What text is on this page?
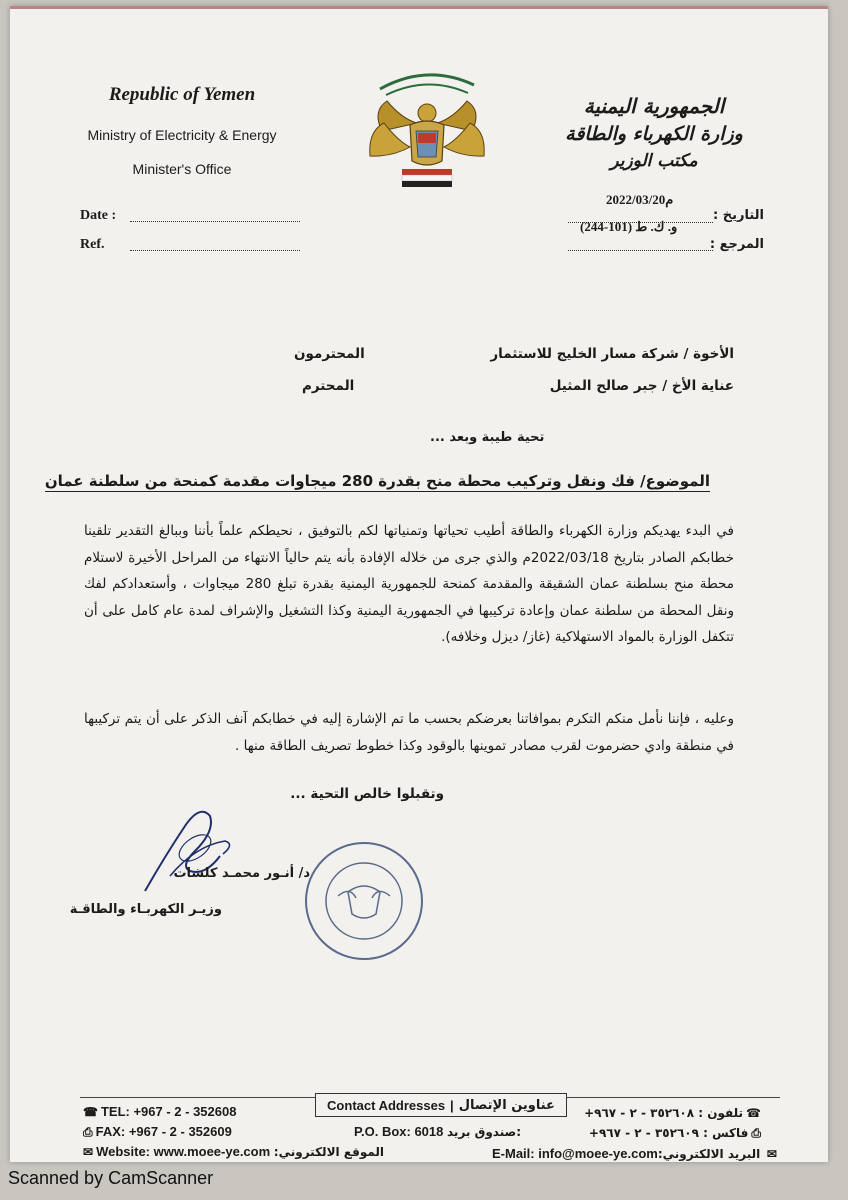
Republic of Yemen
Ministry of Electricity & Energy
Minister's Office
الجمهورية اليمنية
وزارة الكهرباء والطاقة
مكتب الوزير
Date :
Ref.
2022/03/20م
التاريخ :
و. ك. ط (101-244)
المرجع :
الأخوة / شركة مسار الخليج للاستثمار
المحترمون
عناية الأخ / جبر صالح المثيل
المحترم
تحية طيبة وبعد ...
الموضوع/ فك ونقل وتركيب محطة منح بقدرة 280 ميجاوات مقدمة كمنحة من سلطنة عمان
في البدء يهديكم وزارة الكهرباء والطاقة أطيب تحياتها وتمنياتها لكم بالتوفيق ، نحيطكم علماً بأننا وببالغ التقدير تلقينا خطابكم الصادر بتاريخ 2022/03/18م والذي جرى من خلاله الإفادة بأنه يتم حالياً الانتهاء من المراحل الأخيرة لاستلام محطة منح بسلطنة عمان الشقيقة والمقدمة كمنحة للجمهورية اليمنية بقدرة تبلغ 280 ميجاوات ، وأستعدادكم لفك ونقل المحطة من سلطنة عمان وإعادة تركيبها في الجمهورية اليمنية وكذا التشغيل والإشراف لمدة عام كامل على أن تتكفل الوزارة بالمواد الاستهلاكية (غاز/ ديزل وخلافه).
وعليه ، فإننا نأمل منكم التكرم بموافاتنا بعرضكم بحسب ما تم الإشارة إليه في خطابكم آنف الذكر على أن يتم تركيبها في منطقة وادي حضرموت لقرب مصادر تموينها بالوقود وكذا خطوط تصريف الطاقة منها .
وتقبلوا خالص التحية ...
د/ أنـور محمـد كلشات
وزيـر الكهربـاء والطاقـة
Contact Addresses | عناوين الإتصال
☎ TEL: +967 - 2 - 352608
⎙ FAX: +967 - 2 - 352609
✉ Website: www.moee-ye.com :الموقع الالكتروني
P.O. Box: 6018 صندوق بريد:
☎تلفون : ٣٥٢٦٠٨ - ٢ - ٩٦٧+
⎙فاكس : ٣٥٢٦٠٩ - ٢ - ٩٦٧+
E-Mail: info@moee-ye.com:البريد الالكتروني ✉
Scanned by CamScanner
